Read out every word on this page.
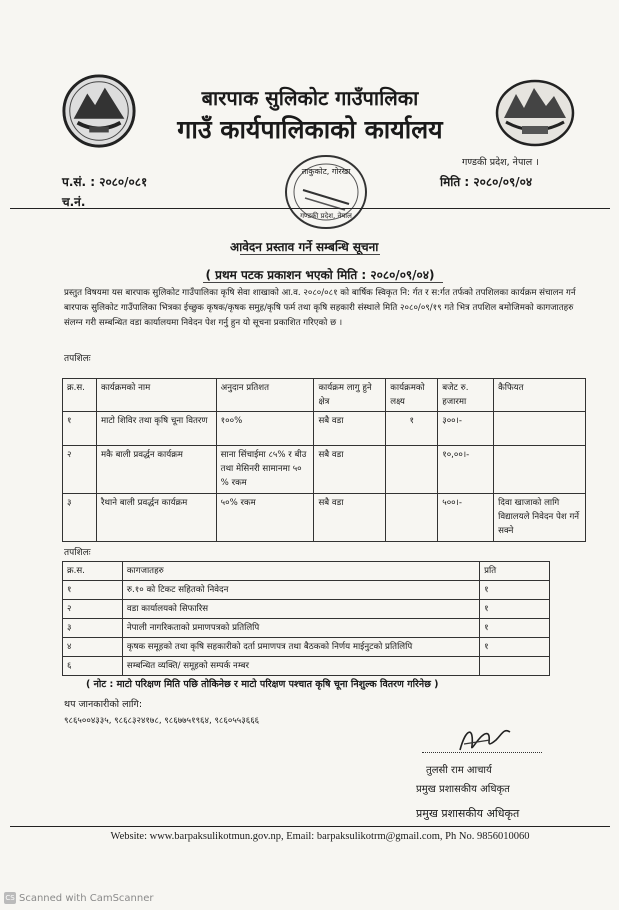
बारपाक सुलिकोट गाउँपालिका
गाउँ कार्यपालिकाको कार्यालय
गण्डकी प्रदेश, नेपाल ।
प.सं. : २०८०/०८१
च.नं.
मिति : २०८०/०९/०४
ताकुकोट, गोरखा
गण्डकी प्रदेश, नेपाल
आवेदन प्रस्ताव गर्ने सम्बन्धि सूचना
( प्रथम पटक प्रकाशन भएको मिति : २०८०/०९/०४)
प्रस्तुत विषयमा यस बारपाक सुलिकोट गाउँपालिका कृषि सेवा शाखाको आ.व. २०८०/०८१ को बार्षिक स्विकृत नि: र्गत र स:र्गत तर्फको तपशिलका कार्यक्रम संचालन गर्न बारपाक सुलिकोट गाउँपालिका भित्रका ईच्छुक कृषक/कृषक समुह/कृषि फर्म तथा कृषि सहकारी संस्थाले मिति २०८०/०९/१९ गते भित्र तपशिल बमोजिमको कागजातहरु संलग्न गरी सम्बन्धित वडा कार्यालयमा निवेदन पेश गर्नु हुन यो सूचना प्रकाशित गरिएको छ ।
तपशिलः
क्र.स.	कार्यक्रमको नाम	अनुदान प्रतिशत	कार्यक्रम लागु हुने क्षेत्र	कार्यक्रमको लक्ष्य	बजेट रु. हजारमा	कैफियत
१	माटो शिविर तथा कृषि चूना वितरण	१००%	सबै वडा	१	३००।-	
२	मकै बाली प्रवर्द्धन कार्यक्रम	साना सिंचाईमा ८५% र बीउ तथा मेसिनरी सामानमा ५० % रकम	सबै वडा		१०,००।-	
३	रैथाने बाली प्रवर्द्धन कार्यक्रम	५०% रकम	सबै वडा		५००।-	दिवा खाजाको लागि विद्यालयले निवेदन पेश गर्ने सक्ने
तपशिलः
क्र.स.	कागजातहरु	प्रति
१	रु.१० को टिकट सहितको निवेदन	१
२	वडा कार्यालयको सिफारिस	१
३	नेपाली नागरिकताको प्रमाणपत्रको प्रतिलिपि	१
४	कृषक समूहको तथा कृषि सहकारीको दर्ता प्रमाणपत्र तथा बैठकको निर्णय माईनुटको प्रतिलिपि	१
६	सम्बन्धित व्यक्ति/ समूहको सम्पर्क नम्बर	
( नोट : माटो परिक्षण मिति पछि तोकिनेछ र माटो परिक्षण पश्चात कृषि चूना निशुल्क वितरण गरिनेछ )
थप जानकारीको लागि:
९८६५००४३३५, ९८६८३२४१७८, ९८६७७५१९६४, ९८६०५५३६६६
तुलसी राम आचार्य
प्रमुख प्रशासकीय अधिकृत
प्रमुख प्रशासकीय अधिकृत
Website: www.barpaksulikotmun.gov.np, Email: barpaksulikotrm@gmail.com, Ph No. 9856010060
CS Scanned with CamScanner
